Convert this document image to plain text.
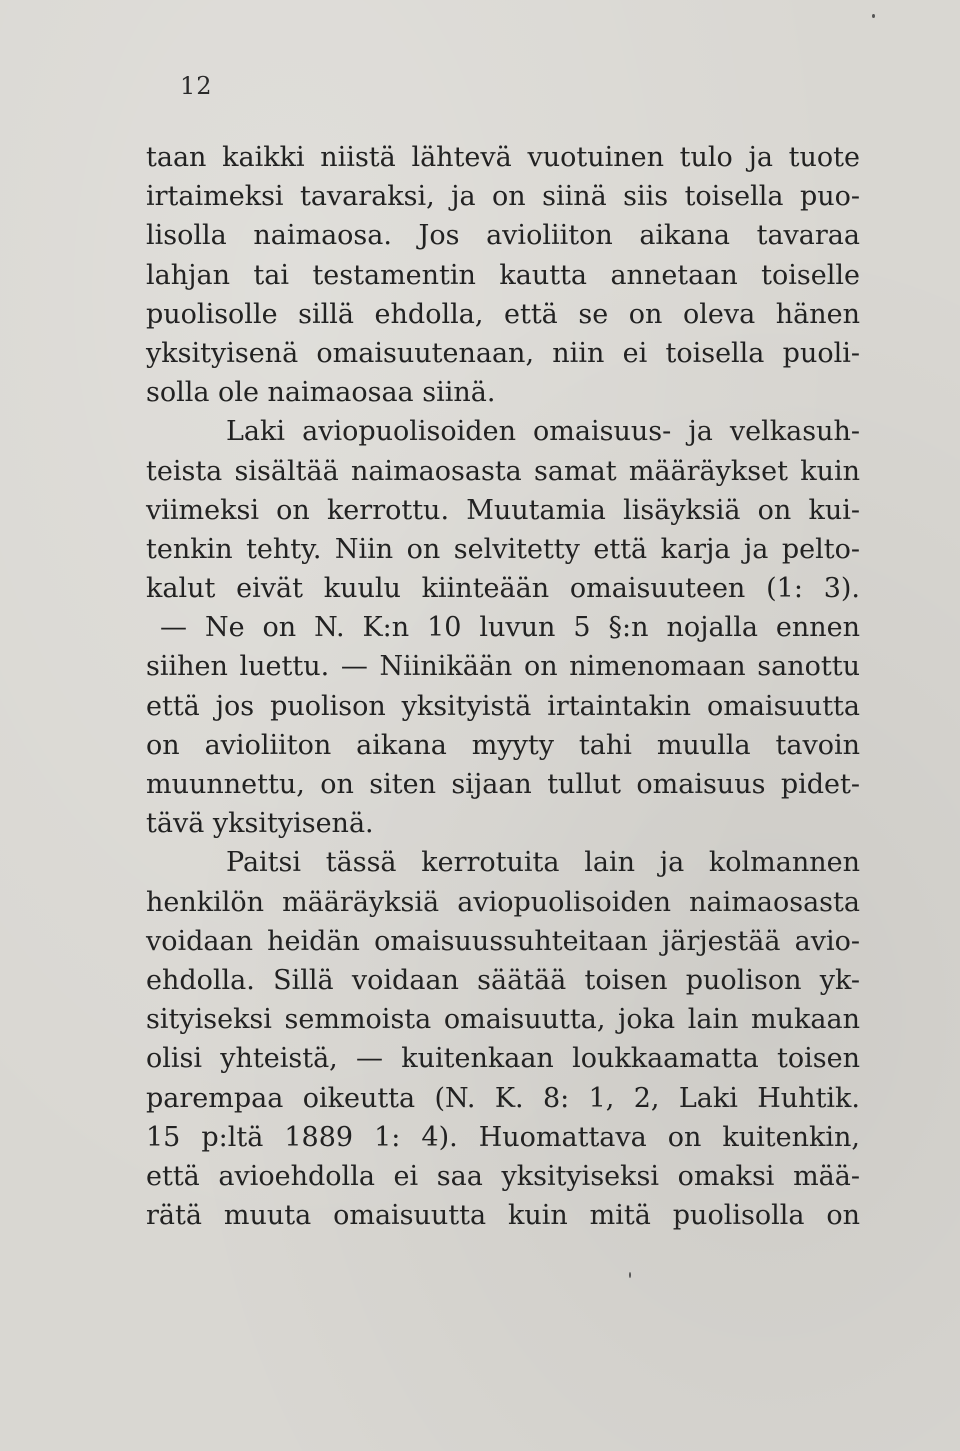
12
taan kaikki niistä lähtevä vuotuinen tulo ja tuote
irtaimeksi tavaraksi, ja on siinä siis toisella puo-
lisolla naimaosa. Jos avioliiton aikana tavaraa
lahjan tai testamentin kautta annetaan toiselle
puolisolle sillä ehdolla, että se on oleva hänen
yksityisenä omaisuutenaan, niin ei toisella puoli-
solla ole naimaosaa siinä.
Laki aviopuolisoiden omaisuus- ja velkasuh-
teista sisältää naimaosasta samat määräykset kuin
viimeksi on kerrottu. Muutamia lisäyksiä on kui-
tenkin tehty. Niin on selvitetty että karja ja pelto-
kalut eivät kuulu kiinteään omaisuuteen (1: 3).
— Ne on N. K:n 10 luvun 5 §:n nojalla ennen
siihen luettu. — Niinikään on nimenomaan sanottu
että jos puolison yksityistä irtaintakin omaisuutta
on avioliiton aikana myyty tahi muulla tavoin
muunnettu, on siten sijaan tullut omaisuus pidet-
tävä yksityisenä.
Paitsi tässä kerrotuita lain ja kolmannen
henkilön määräyksiä aviopuolisoiden naimaosasta
voidaan heidän omaisuussuhteitaan järjestää avio-
ehdolla. Sillä voidaan säätää toisen puolison yk-
sityiseksi semmoista omaisuutta, joka lain mukaan
olisi yhteistä, — kuitenkaan loukkaamatta toisen
parempaa oikeutta (N. K. 8: 1, 2, Laki Huhtik.
15 p:ltä 1889 1: 4). Huomattava on kuitenkin,
että avioehdolla ei saa yksityiseksi omaksi mää-
rätä muuta omaisuutta kuin mitä puolisolla on
